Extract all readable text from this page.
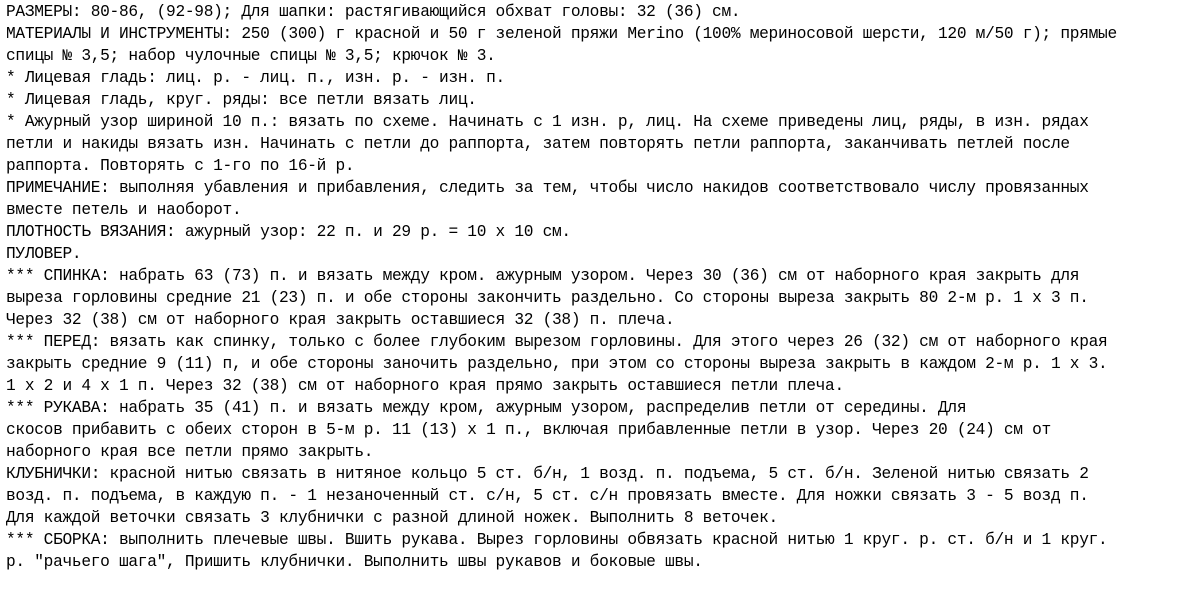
РАЗМЕРЫ: 80-86, (92-98); Для шапки: растягивающийся обхват головы: 32 (36) см.
МАТЕРИАЛЫ И ИНСТРУМЕНТЫ: 250 (300) г красной и 50 г зеленой пряжи Merino (100% мериносовой шерсти, 120 м/50 г); прямые
спицы № 3,5; набор чулочные спицы № 3,5; крючок № 3.
* Лицевая гладь: лиц. р. - лиц. п., изн. р. - изн. п.
* Лицевая гладь, круг. ряды: все петли вязать лиц.
* Ажурный узор шириной 10 п.: вязать по схеме. Начинать с 1 изн. р, лиц. На схеме приведены лиц, ряды, в изн. рядах
петли и накиды вязать изн. Начинать с петли до раппорта, затем повторять петли раппорта, заканчивать петлей после
раппорта. Повторять с 1-го по 16-й р.
ПРИМЕЧАНИЕ: выполняя убавления и прибавления, следить за тем, чтобы число накидов соответствовало числу провязанных
вместе петель и наоборот.
ПЛОТНОСТЬ ВЯЗАНИЯ: ажурный узор: 22 п. и 29 р. = 10 x 10 см.
ПУЛОВЕР.
*** СПИНКА: набрать 63 (73) п. и вязать между кром. ажурным узором. Через 30 (36) см от наборного края закрыть для
выреза горловины средние 21 (23) п. и обе стороны закончить раздельно. Со стороны выреза закрыть 80 2-м р. 1 x 3 п.
Через 32 (38) см от наборного края закрыть оставшиеся 32 (38) п. плеча.
*** ПЕРЕД: вязать как спинку, только с более глубоким вырезом горловины. Для этого через 26 (32) см от наборного края
закрыть средние 9 (11) п, и обе стороны заночить раздельно, при этом со стороны выреза закрыть в каждом 2-м р. 1 x 3.
1 x 2 и 4 x 1 п. Через 32 (38) см от наборного края прямо закрыть оставшиеся петли плеча.
*** РУКАВА: набрать 35 (41) п. и вязать между кром, ажурным узором, распределив петли от середины. Для
скосов прибавить с обеих сторон в 5-м р. 11 (13) x 1 п., включая прибавленные петли в узор. Через 20 (24) см от
наборного края все петли прямо закрыть.
КЛУБНИЧКИ: красной нитью связать в нитяное кольцо 5 ст. б/н, 1 возд. п. подъема, 5 ст. б/н. Зеленой нитью связать 2
возд. п. подъема, в каждую п. - 1 незаноченный ст. с/н, 5 ст. с/н провязать вместе. Для ножки связать 3 - 5 возд п.
Для каждой веточки связать 3 клубнички с разной длиной ножек. Выполнить 8 веточек.
*** СБОРКА: выполнить плечевые швы. Вшить рукава. Вырез горловины обвязать красной нитью 1 круг. р. ст. б/н и 1 круг.
р. "рачьего шага", Пришить клубнички. Выполнить швы рукавов и боковые швы.
